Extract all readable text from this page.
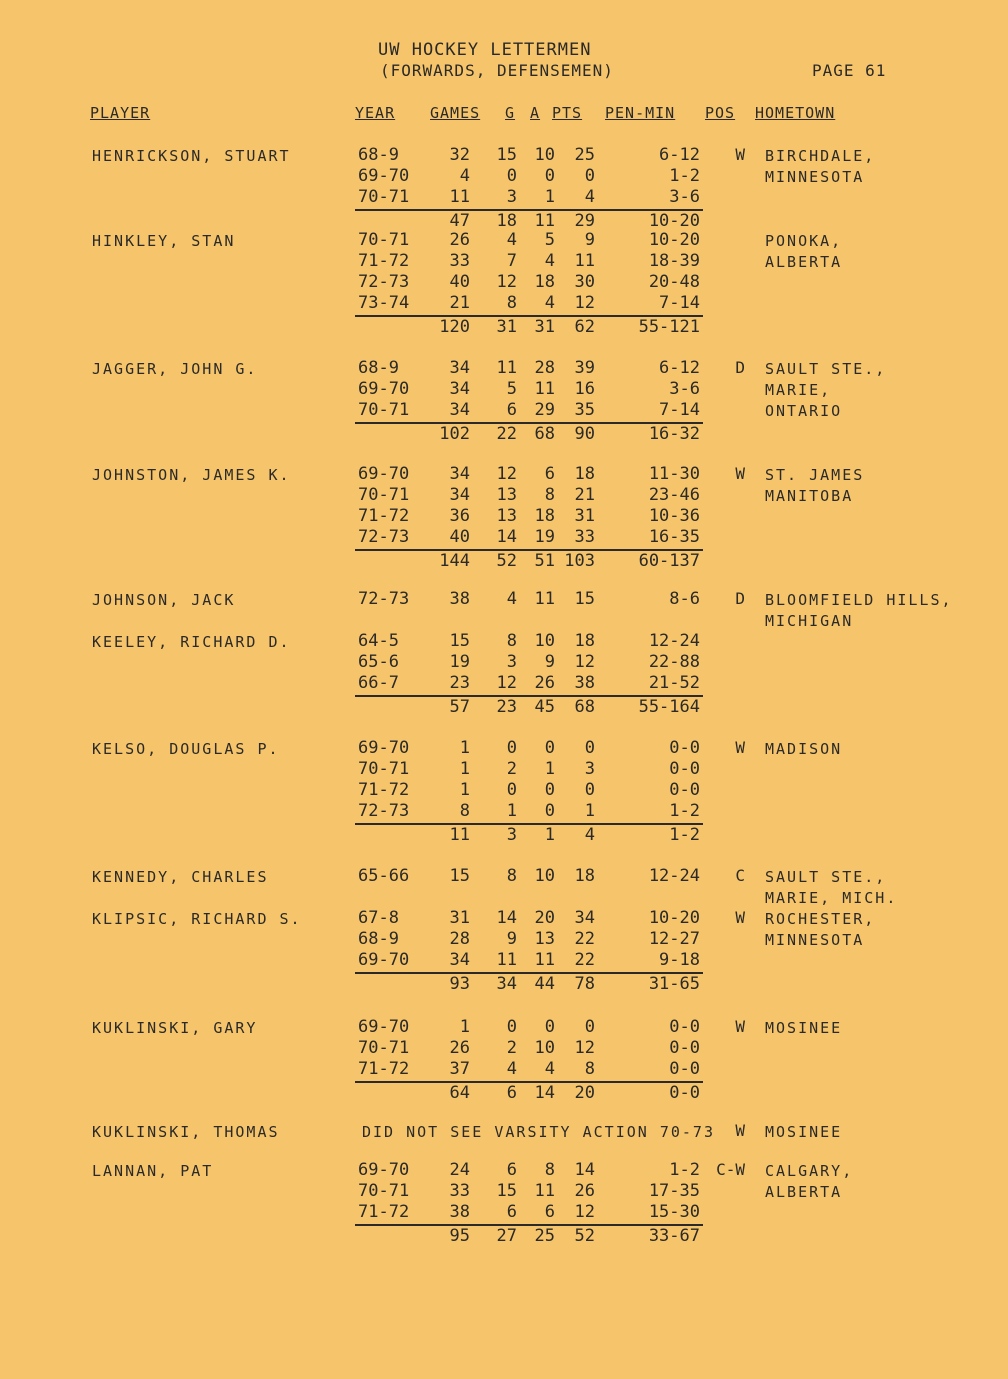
UW HOCKEY LETTERMEN
(FORWARDS, DEFENSEMEN)	PAGE 61
PLAYER	YEAR GAMES G A PTS PEN-MIN POS HOMETOWN
HENRICKSON, STUART	W BIRCHDALE,
MINNESOTA
68-9	32	15	10	25	6-12
69-70	4	0	0	0	1-2
70-71	11	3	1	4	3-6
47	18	11	29	10-20
HINKLEY, STAN	PONOKA,
ALBERTA
70-71	26	4	5	9	10-20
71-72	33	7	4	11	18-39
72-73	40	12	18	30	20-48
73-74	21	8	4	12	7-14
120	31	31	62	55-121
JAGGER, JOHN G.	D SAULT STE.,
MARIE,
ONTARIO
68-9	34	11	28	39	6-12
69-70	34	5	11	16	3-6
70-71	34	6	29	35	7-14
102	22	68	90	16-32
JOHNSTON, JAMES K.	W ST. JAMES
MANITOBA
69-70	34	12	6	18	11-30
70-71	34	13	8	21	23-46
71-72	36	13	18	31	10-36
72-73	40	14	19	33	16-35
144	52	51 103	60-137
JOHNSON, JACK	D BLOOMFIELD HILLS,
MICHIGAN
72-73	38	4	11	15	8-6
KEELEY, RICHARD D.	64-5	15	8	10	18	12-24
65-6	19	3	9	12	22-88
66-7	23	12	26	38	21-52
57	23	45	68	55-164
KELSO, DOUGLAS P.	W MADISON
69-70	1	0	0	0	0-0
70-71	1	2	1	3	0-0
71-72	1	0	0	0	0-0
72-73	8	1	0	1	1-2
11	3	1	4	1-2
KENNEDY, CHARLES	C SAULT STE.,
MARIE, MICH.
65-66	15	8	10	18	12-24
KLIPSIC, RICHARD S.	W ROCHESTER,
MINNESOTA
67-8	31	14	20	34	10-20
68-9	28	9	13	22	12-27
69-70	34	11	11	22	9-18
93	34	44	78	31-65
KUKLINSKI, GARY	W MOSINEE
69-70	1	0	0	0	0-0
70-71	26	2	10	12	0-0
71-72	37	4	4	8	0-0
64	6	14	20	0-0
KUKLINSKI, THOMAS	W MOSINEE
DID NOT SEE VARSITY ACTION 70-73
LANNAN, PAT	C-W CALGARY,
ALBERTA
69-70	24	6	8	14	1-2
70-71	33	15	11	26	17-35
71-72	38	6	6	12	15-30
95	27	25	52	33-67
